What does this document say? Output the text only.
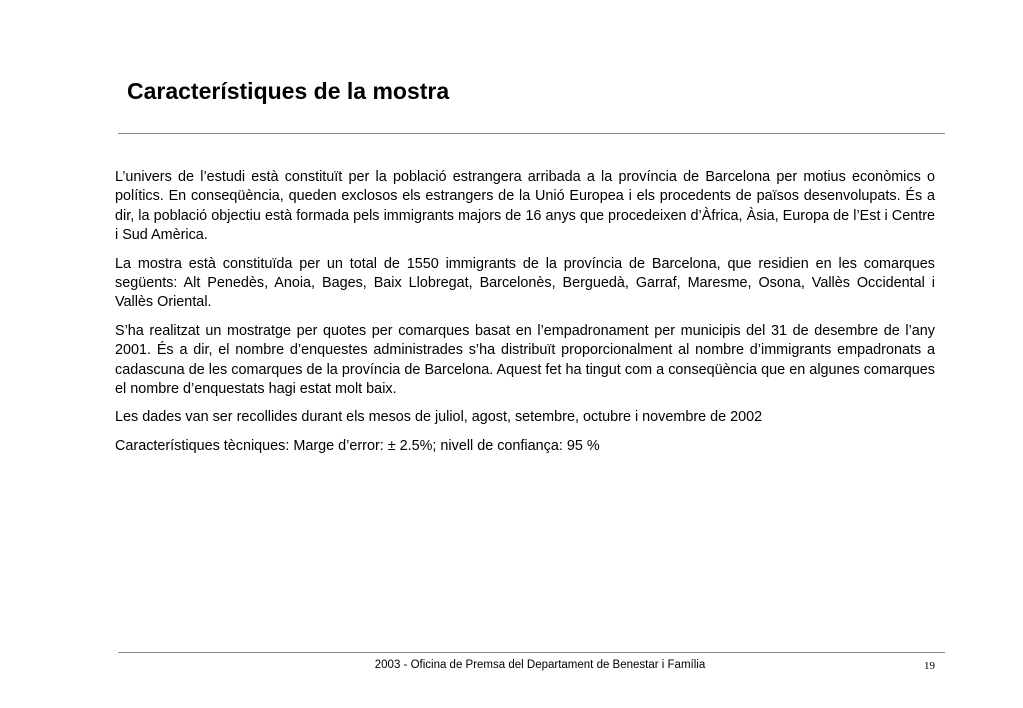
Característiques de la mostra

L’univers de l’estudi està constituït per la població estrangera arribada a la província de Barcelona per motius econòmics o polítics. En conseqüència, queden exclosos els estrangers de la Unió Europea i els procedents de països desenvolupats. És a dir, la població objectiu està formada pels immigrants majors de 16 anys que procedeixen d’Àfrica, Àsia, Europa de l’Est i Centre i Sud Amèrica.

La mostra està constituïda per un total de 1550 immigrants de la província de Barcelona, que residien en les comarques següents: Alt Penedès, Anoia, Bages, Baix Llobregat, Barcelonès, Berguedà, Garraf, Maresme, Osona, Vallès Occidental i Vallès Oriental.

S’ha realitzat un mostratge per quotes per comarques basat en l’empadronament per municipis del 31 de desembre de l’any 2001. És a dir, el nombre d’enquestes administrades s’ha distribuït proporcionalment al nombre d’immigrants empadronats a cadascuna de les comarques de la província de Barcelona. Aquest fet ha tingut com a conseqüència que en algunes comarques el nombre d’enquestats hagi estat molt baix.

Les dades van ser recollides durant els mesos de juliol, agost, setembre, octubre i novembre de 2002

Característiques tècniques: Marge d’error: ± 2.5%; nivell de confiança: 95 %

2003 - Oficina de Premsa del Departament de Benestar i Família	19
